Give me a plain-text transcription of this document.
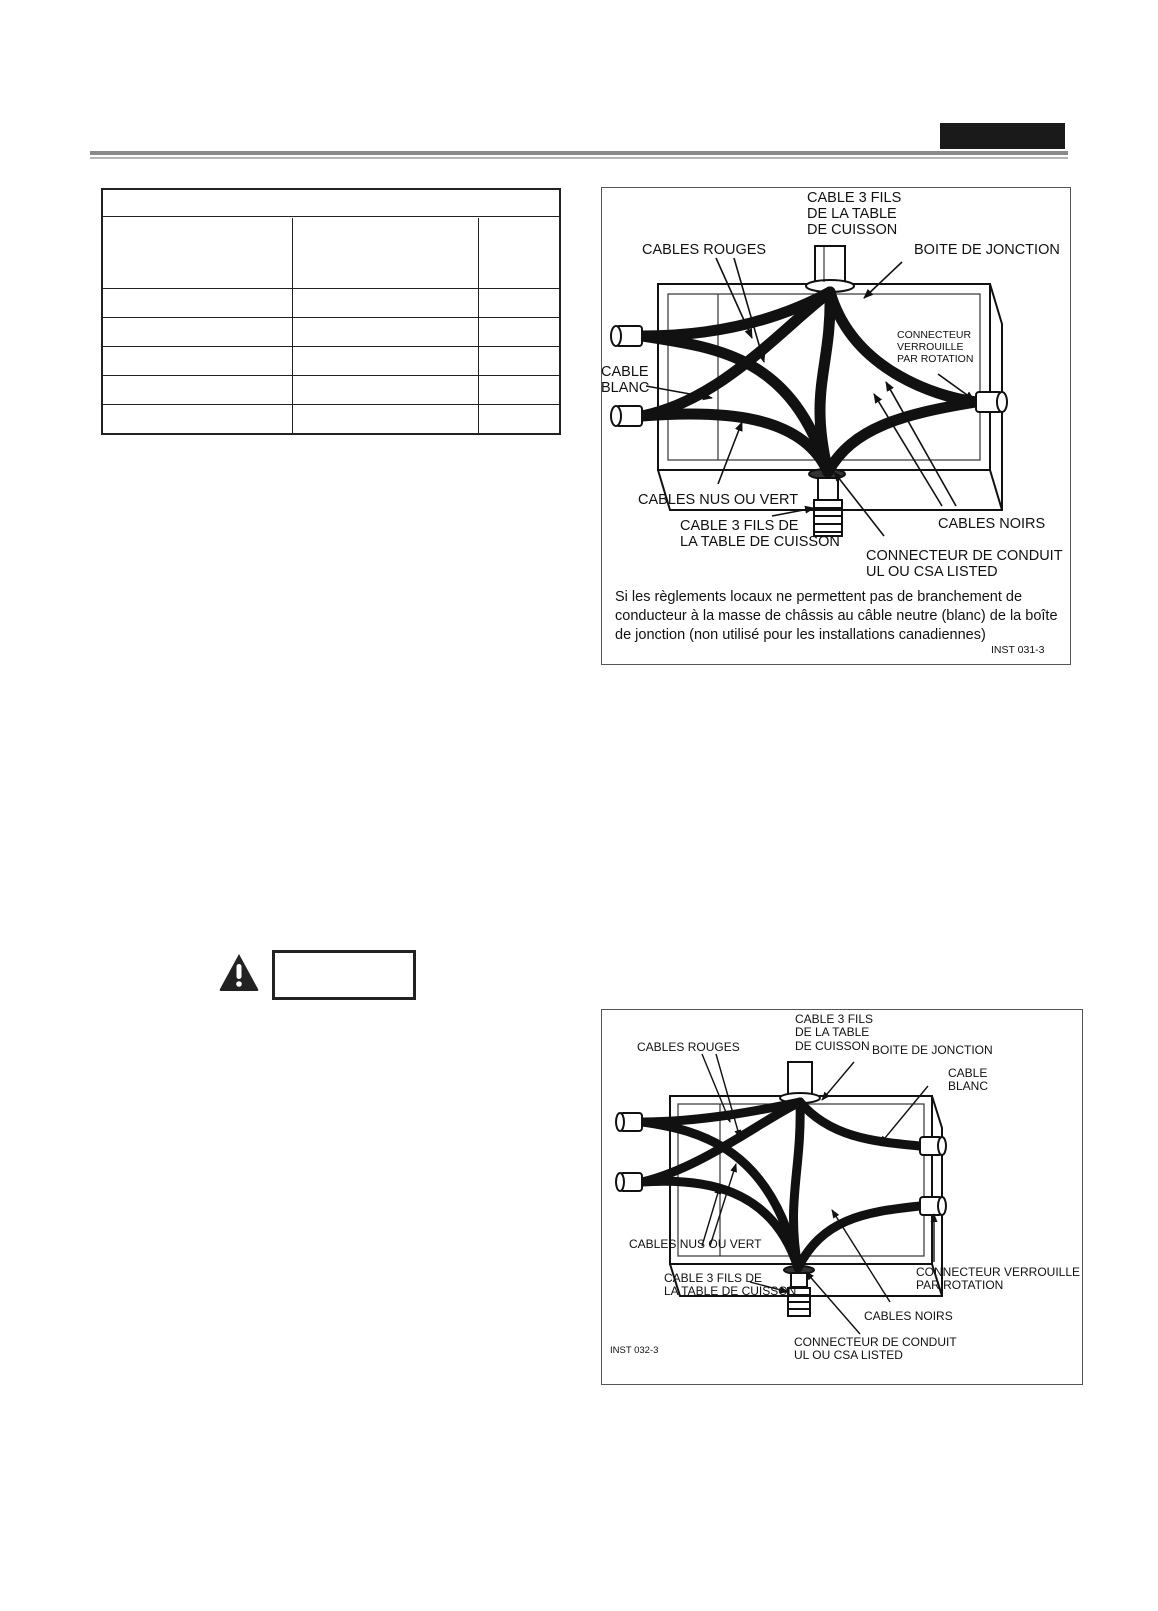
CABLE 3 FILS
DE LA TABLE
DE CUISSON
CABLES ROUGES	BOITE DE JONCTION
CONNECTEUR
VERROUILLE
PAR ROTATION
CABLE
BLANC
CABLES NUS OU VERT
CABLE 3 FILS DE
LA TABLE DE CUISSON
CABLES NOIRS
CONNECTEUR DE CONDUIT
UL OU CSA LISTED
Si les règlements locaux ne permettent pas de branchement de conducteur à la masse de châssis au câble neutre (blanc) de la boîte de jonction (non utilisé pour les installations canadiennes)
INST 031-3
CABLE 3 FILS
DE LA TABLE
DE CUISSON
CABLES ROUGES	BOITE DE JONCTION
CABLE
BLANC
CABLES NUS OU VERT
CABLE 3 FILS DE
LA TABLE DE CUISSON
CONNECTEUR VERROUILLE
PAR ROTATION
CABLES NOIRS
CONNECTEUR DE CONDUIT
UL OU CSA LISTED
INST 032-3
